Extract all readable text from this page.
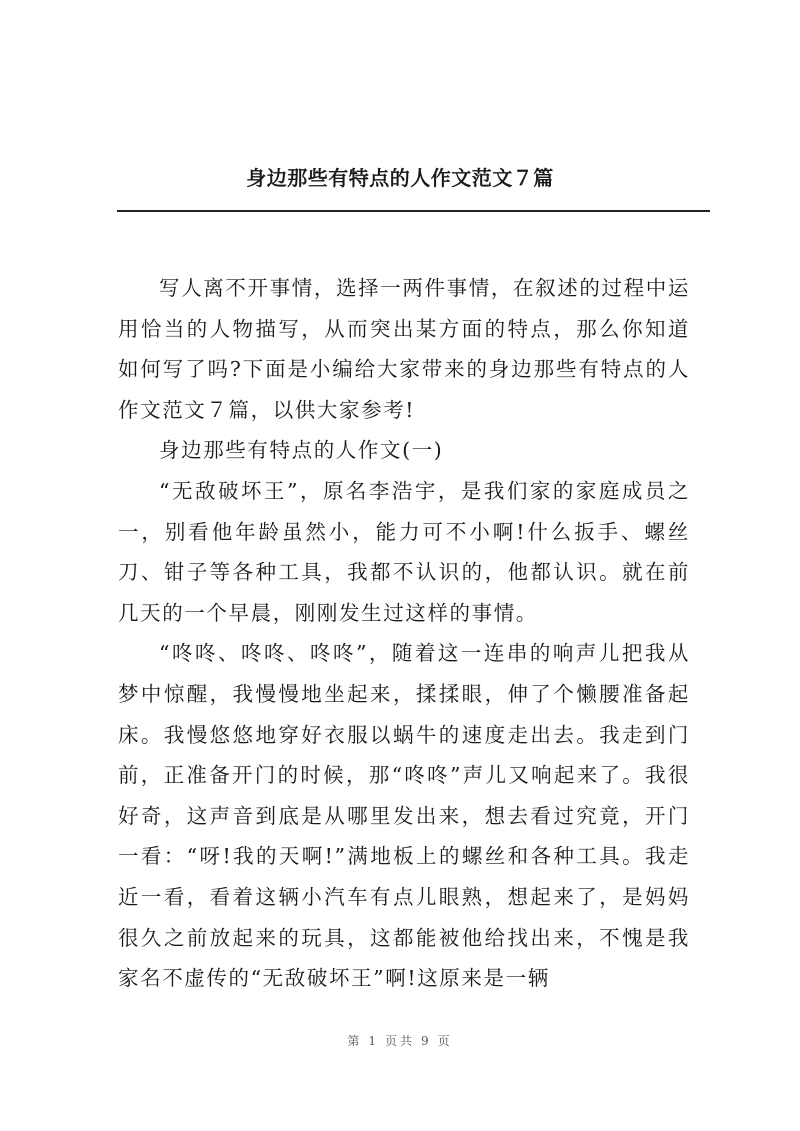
身边那些有特点的人作文范文７篇

写人离不开事情，选择一两件事情，在叙述的过程中运用恰当的人物描写，从而突出某方面的特点，那么你知道如何写了吗?下面是小编给大家带来的身边那些有特点的人作文范文７篇，以供大家参考!

身边那些有特点的人作文(一)

“无敌破坏王”，原名李浩宇，是我们家的家庭成员之一，别看他年龄虽然小，能力可不小啊!什么扳手、螺丝刀、钳子等各种工具，我都不认识的，他都认识。就在前几天的一个早晨，刚刚发生过这样的事情。

“咚咚、咚咚、咚咚”，随着这一连串的响声儿把我从梦中惊醒，我慢慢地坐起来，揉揉眼，伸了个懒腰准备起床。我慢悠悠地穿好衣服以蜗牛的速度走出去。我走到门前，正准备开门的时候，那“咚咚”声儿又响起来了。我很好奇，这声音到底是从哪里发出来，想去看过究竟，开门一看：“呀!我的天啊!”满地板上的螺丝和各种工具。我走近一看，看着这辆小汽车有点儿眼熟，想起来了，是妈妈很久之前放起来的玩具，这都能被他给找出来，不愧是我家名不虚传的“无敌破坏王”啊!这原来是一辆

第 1 页共 9 页
